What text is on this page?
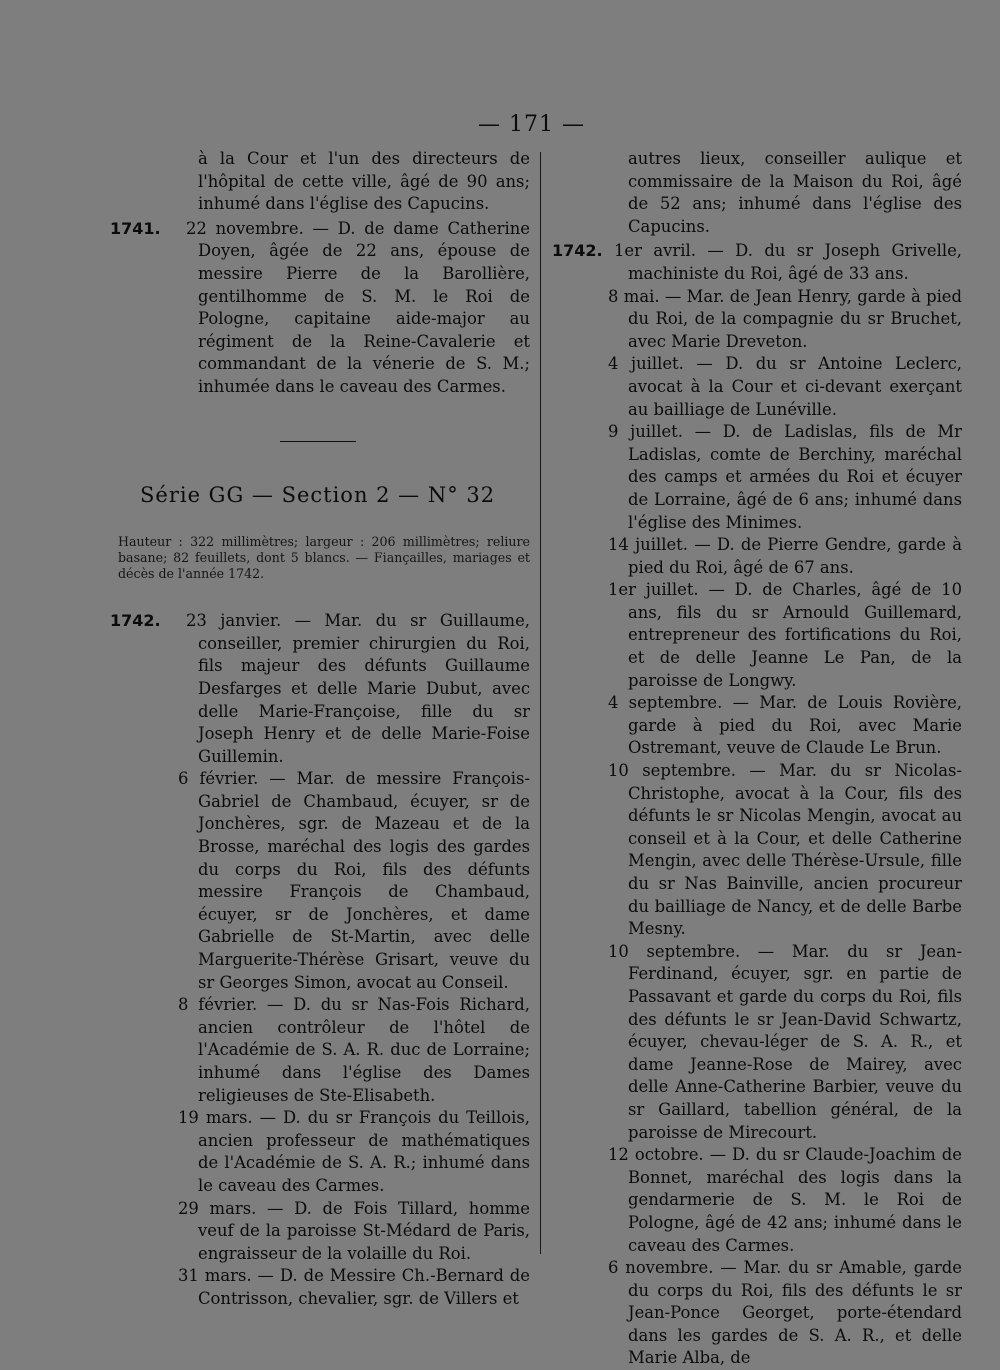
— 171 —
à la Cour et l'un des directeurs de l'hôpital de cette ville, âgé de 90 ans; inhumé dans l'église des Capucins.
1741.	22 novembre. — D. de dame Catherine Doyen, âgée de 22 ans, épouse de messire Pierre de la Barollière, gentilhomme de S. M. le Roi de Pologne, capitaine aide-major au régiment de la Reine-Cavalerie et commandant de la vénerie de S. M.; inhumée dans le caveau des Carmes.
Série GG — Section 2 — N° 32
Hauteur : 322 millimètres; largeur : 206 millimètres; reliure basane; 82 feuillets, dont 5 blancs. — Fiançailles, mariages et décès de l'année 1742.
1742.	23 janvier. — Mar. du sr Guillaume, conseiller, premier chirurgien du Roi, fils majeur des défunts Guillaume Desfarges et delle Marie Dubut, avec delle Marie-Françoise, fille du sr Joseph Henry et de delle Marie-Foise Guillemin.
6 février. — Mar. de messire François-Gabriel de Chambaud, écuyer, sr de Jonchères, sgr. de Mazeau et de la Brosse, maréchal des logis des gardes du corps du Roi, fils des défunts messire François de Chambaud, écuyer, sr de Jonchères, et dame Gabrielle de St-Martin, avec delle Marguerite-Thérèse Grisart, veuve du sr Georges Simon, avocat au Conseil.
8 février. — D. du sr Nas-Fois Richard, ancien contrôleur de l'hôtel de l'Académie de S. A. R. duc de Lorraine; inhumé dans l'église des Dames religieuses de Ste-Elisabeth.
19 mars. — D. du sr François du Teillois, ancien professeur de mathématiques de l'Académie de S. A. R.; inhumé dans le caveau des Carmes.
29 mars. — D. de Fois Tillard, homme veuf de la paroisse St-Médard de Paris, engraisseur de la volaille du Roi.
31 mars. — D. de Messire Ch.-Bernard de Contrisson, chevalier, sgr. de Villers et
autres lieux, conseiller aulique et commissaire de la Maison du Roi, âgé de 52 ans; inhumé dans l'église des Capucins.
1742. 1er avril. — D. du sr Joseph Grivelle, machiniste du Roi, âgé de 33 ans.
8 mai. — Mar. de Jean Henry, garde à pied du Roi, de la compagnie du sr Bruchet, avec Marie Dreveton.
4 juillet. — D. du sr Antoine Leclerc, avocat à la Cour et ci-devant exerçant au bailliage de Lunéville.
9 juillet. — D. de Ladislas, fils de Mr Ladislas, comte de Berchiny, maréchal des camps et armées du Roi et écuyer de Lorraine, âgé de 6 ans; inhumé dans l'église des Minimes.
14 juillet. — D. de Pierre Gendre, garde à pied du Roi, âgé de 67 ans.
1er juillet. — D. de Charles, âgé de 10 ans, fils du sr Arnould Guillemard, entrepreneur des fortifications du Roi, et de delle Jeanne Le Pan, de la paroisse de Longwy.
4 septembre. — Mar. de Louis Rovière, garde à pied du Roi, avec Marie Ostremant, veuve de Claude Le Brun.
10 septembre. — Mar. du sr Nicolas-Christophe, avocat à la Cour, fils des défunts le sr Nicolas Mengin, avocat au conseil et à la Cour, et delle Catherine Mengin, avec delle Thérèse-Ursule, fille du sr Nas Bainville, ancien procureur du bailliage de Nancy, et de delle Barbe Mesny.
10 septembre. — Mar. du sr Jean-Ferdinand, écuyer, sgr. en partie de Passavant et garde du corps du Roi, fils des défunts le sr Jean-David Schwartz, écuyer, chevau-léger de S. A. R., et dame Jeanne-Rose de Mairey, avec delle Anne-Catherine Barbier, veuve du sr Gaillard, tabellion général, de la paroisse de Mirecourt.
12 octobre. — D. du sr Claude-Joachim de Bonnet, maréchal des logis dans la gendarmerie de S. M. le Roi de Pologne, âgé de 42 ans; inhumé dans le caveau des Carmes.
6 novembre. — Mar. du sr Amable, garde du corps du Roi, fils des défunts le sr Jean-Ponce Georget, porte-étendard dans les gardes de S. A. R., et delle Marie Alba, de
